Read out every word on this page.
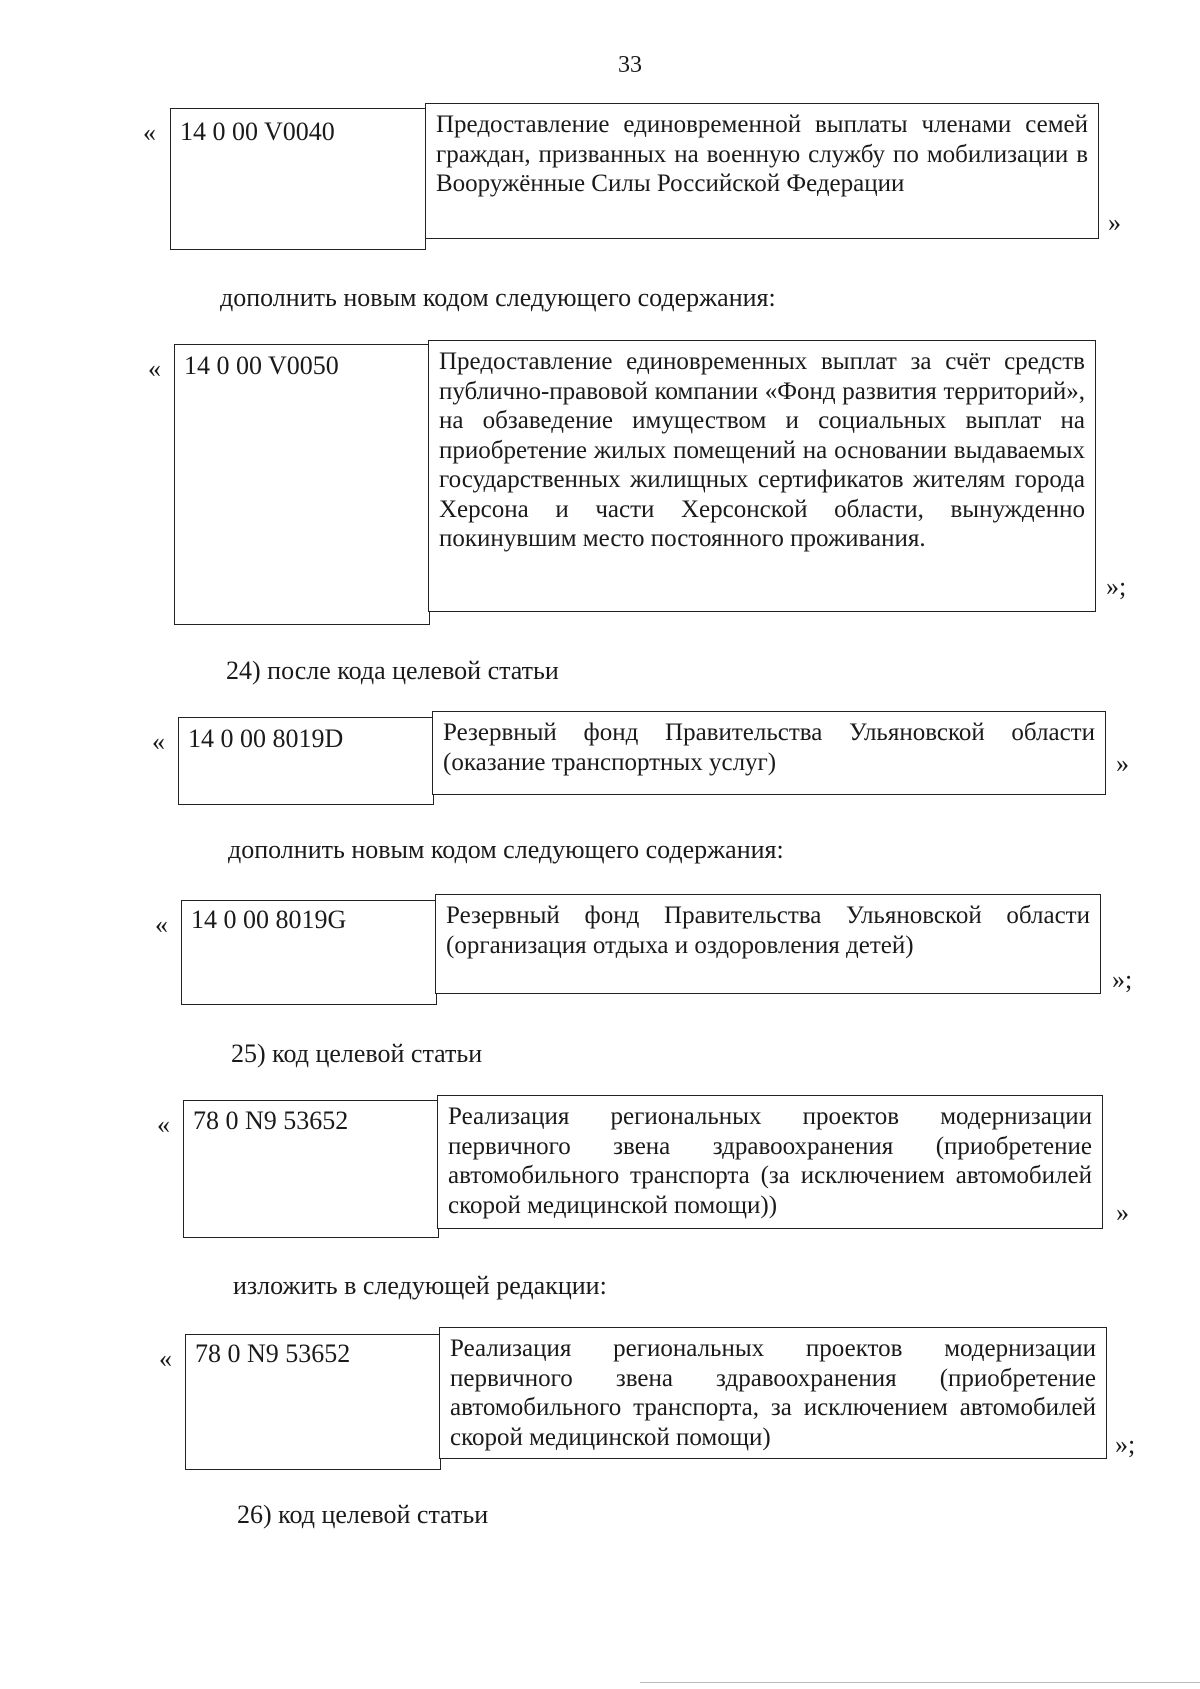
33
« 14 0 00 V0040	Предоставление единовременной выплаты членами семей граждан, призванных на военную службу по мобилизации в Вооружённые Силы Российской Федерации
»
дополнить новым кодом следующего содержания:
« 14 0 00 V0050	Предоставление единовременных выплат за счёт средств публично-правовой компании «Фонд развития территорий», на обзаведение имуществом и социальных выплат на приобретение жилых помещений на основании выдаваемых государственных жилищных сертификатов жителям города Херсона и части Херсонской области, вынужденно покинувшим место постоянного проживания.
»;
24) после кода целевой статьи
« 14 0 00 8019D	Резервный фонд Правительства Ульяновской области (оказание транспортных услуг)	»
дополнить новым кодом следующего содержания:
« 14 0 00 8019G	Резервный фонд Правительства Ульяновской области (организация отдыха и оздоровления детей)
»;
25) код целевой статьи
« 78 0 N9 53652	Реализация региональных проектов модернизации первичного звена здравоохранения (приобретение автомобильного транспорта (за исключением автомобилей скорой медицинской помощи))	»
изложить в следующей редакции:
« 78 0 N9 53652	Реализация региональных проектов модернизации первичного звена здравоохранения (приобретение автомобильного транспорта, за исключением автомобилей скорой медицинской помощи)	»;
26) код целевой статьи
